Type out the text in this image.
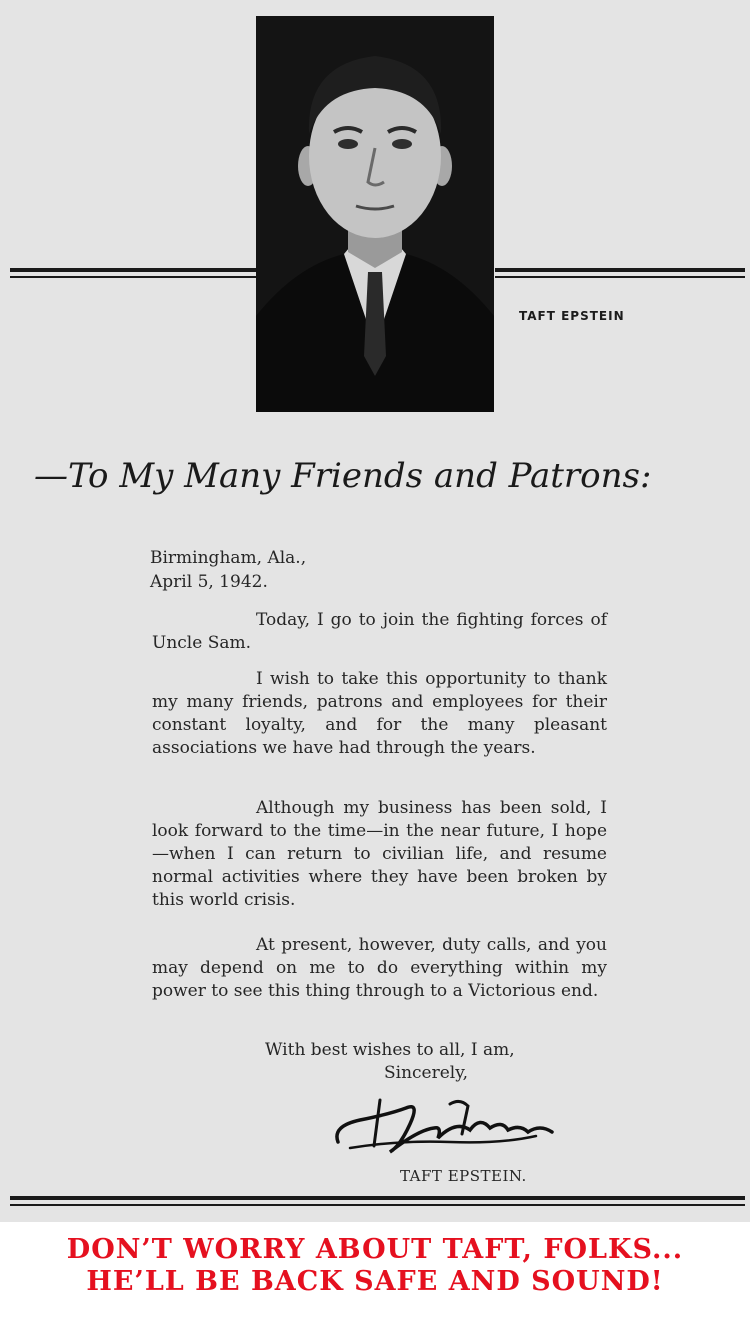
TAFT EPSTEIN
—To My Many Friends and Patrons:
Birmingham, Ala.,
April 5, 1942.

Today, I go to join the fighting forces of Uncle Sam.

I wish to take this opportunity to thank my many friends, patrons and employees for their constant loyalty, and for the many pleasant associations we have had through the years.

Although my business has been sold, I look forward to the time—in the near future, I hope—when I can return to civilian life, and resume normal activities where they have been broken by this world crisis.

At present, however, duty calls, and you may depend on me to do everything within my power to see this thing through to a Victorious end.

With best wishes to all, I am,
Sincerely,
TAFT EPSTEIN.
DON’T WORRY ABOUT TAFT, FOLKS...
HE’LL BE BACK SAFE AND SOUND!
